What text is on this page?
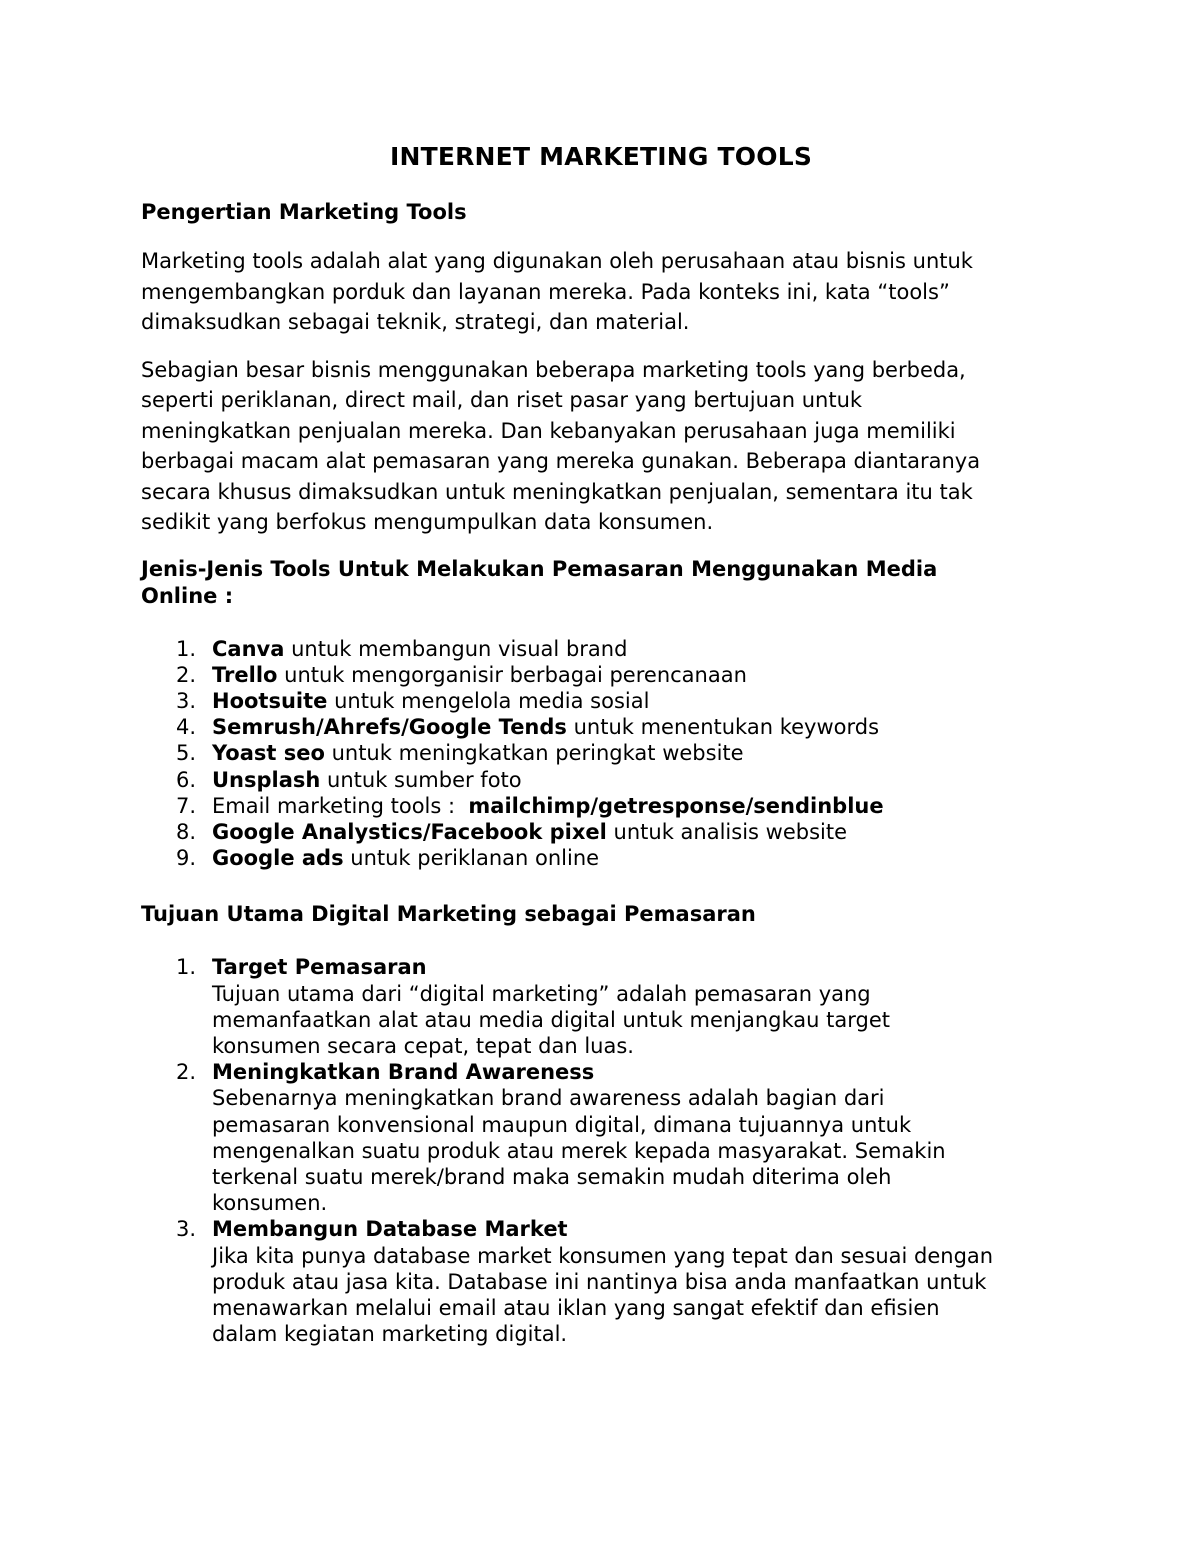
INTERNET MARKETING TOOLS
Pengertian Marketing Tools

Marketing tools adalah alat yang digunakan oleh perusahaan atau bisnis untuk
mengembangkan porduk dan layanan mereka. Pada konteks ini, kata “tools”
dimaksudkan sebagai teknik, strategi, dan material.

Sebagian besar bisnis menggunakan beberapa marketing tools yang berbeda,
seperti periklanan, direct mail, dan riset pasar yang bertujuan untuk
meningkatkan penjualan mereka. Dan kebanyakan perusahaan juga memiliki
berbagai macam alat pemasaran yang mereka gunakan. Beberapa diantaranya
secara khusus dimaksudkan untuk meningkatkan penjualan, sementara itu tak
sedikit yang berfokus mengumpulkan data konsumen.

Jenis-Jenis Tools Untuk Melakukan Pemasaran Menggunakan Media
Online :
1. Canva untuk membangun visual brand
2. Trello untuk mengorganisir berbagai perencanaan
3. Hootsuite untuk mengelola media sosial
4. Semrush/Ahrefs/Google Tends untuk menentukan keywords
5. Yoast seo untuk meningkatkan peringkat website
6. Unsplash untuk sumber foto
7. Email marketing tools :  mailchimp/getresponse/sendinblue
8. Google Analystics/Facebook pixel untuk analisis website
9. Google ads untuk periklanan online
Tujuan Utama Digital Marketing sebagai Pemasaran
1. Target Pemasaran
Tujuan utama dari “digital marketing” adalah pemasaran yang
memanfaatkan alat atau media digital untuk menjangkau target
konsumen secara cepat, tepat dan luas.
2. Meningkatkan Brand Awareness
Sebenarnya meningkatkan brand awareness adalah bagian dari
pemasaran konvensional maupun digital, dimana tujuannya untuk
mengenalkan suatu produk atau merek kepada masyarakat. Semakin
terkenal suatu merek/brand maka semakin mudah diterima oleh
konsumen.
3. Membangun Database Market
Jika kita punya database market konsumen yang tepat dan sesuai dengan
produk atau jasa kita. Database ini nantinya bisa anda manfaatkan untuk
menawarkan melalui email atau iklan yang sangat efektif dan efisien
dalam kegiatan marketing digital.
